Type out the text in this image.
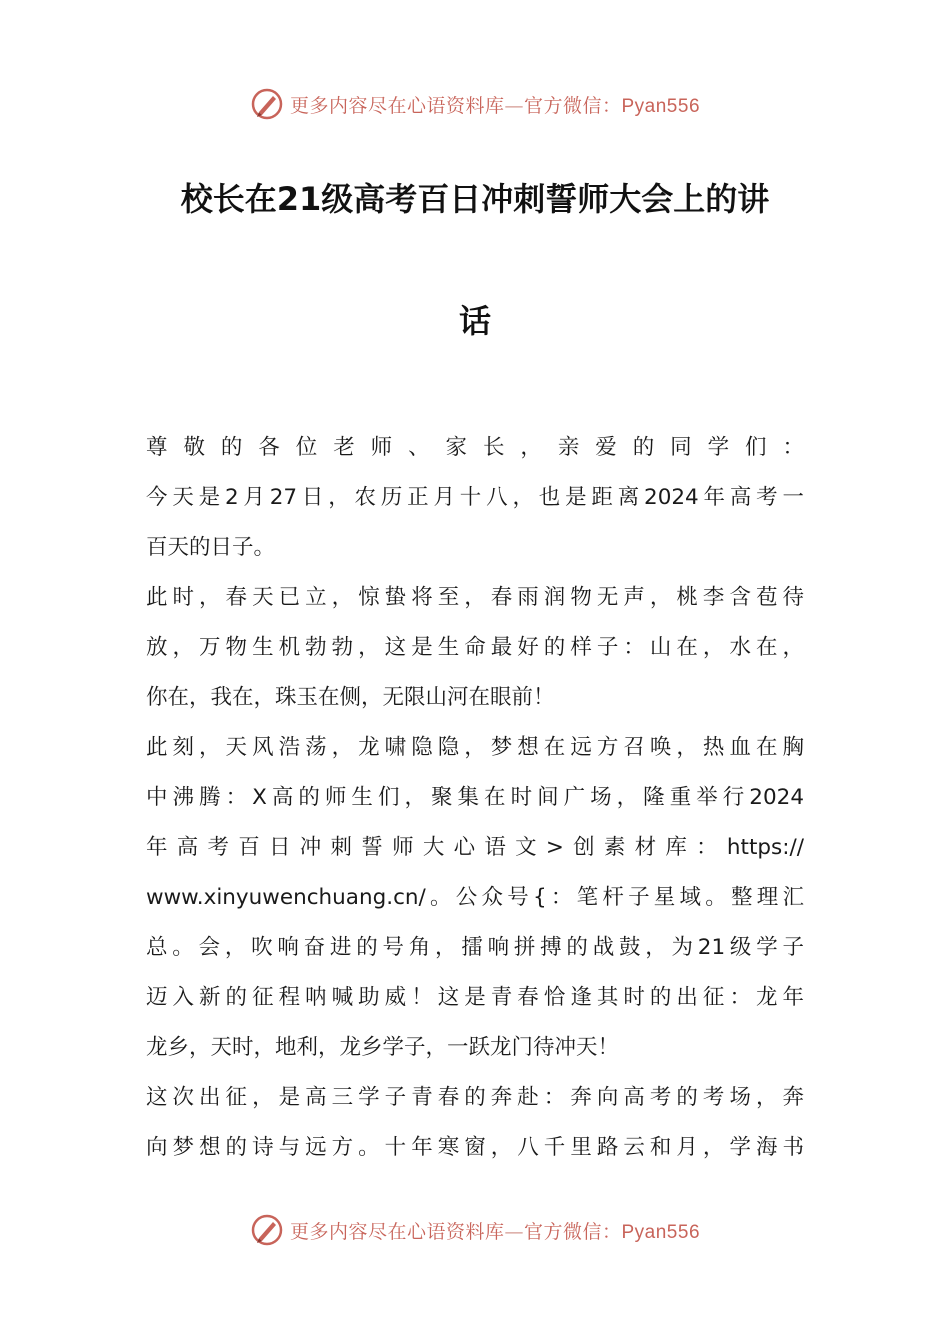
更多内容尽在心语资料库—官方微信：Pyan556
校长在21级高考百日冲刺誓师大会上的讲
话
尊敬的各位老师、家长，亲爱的同学们：
今天是2月27日，农历正月十八，也是距离2024年高考一
百天的日子。
此时，春天已立，惊蛰将至，春雨润物无声，桃李含苞待
放，万物生机勃勃，这是生命最好的样子：山在，水在，
你在，我在，珠玉在侧，无限山河在眼前！
此刻，天风浩荡，龙啸隐隐，梦想在远方召唤，热血在胸
中沸腾：X高的师生们，聚集在时间广场，隆重举行2024
年高考百日冲刺誓师大心语文>创素材库：https://
www.xinyuwenchuang.cn/。公众号{：笔杆子星域。整理汇
总。会，吹响奋进的号角，擂响拼搏的战鼓，为21级学子
迈入新的征程呐喊助威！这是青春恰逢其时的出征：龙年
龙乡，天时，地利，龙乡学子，一跃龙门待冲天！
这次出征，是高三学子青春的奔赴：奔向高考的考场，奔
向梦想的诗与远方。十年寒窗，八千里路云和月，学海书
更多内容尽在心语资料库—官方微信：Pyan556
